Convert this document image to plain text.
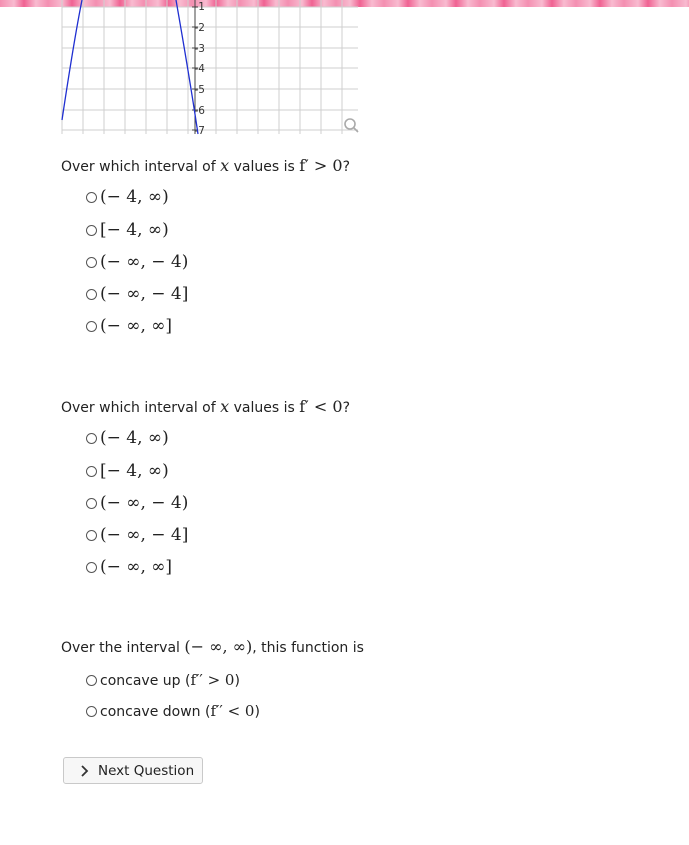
-1
-2
-3
-4
-5
-6
-7
Over which interval of x values is f′ > 0?
(− 4, ∞)
[− 4, ∞)
(− ∞, − 4)
(− ∞, − 4]
(− ∞, ∞]
Over which interval of x values is f′ < 0?
(− 4, ∞)
[− 4, ∞)
(− ∞, − 4)
(− ∞, − 4]
(− ∞, ∞]
Over the interval (− ∞, ∞), this function is
concave up (f′′ > 0)
concave down (f′′ < 0)
Next Question
